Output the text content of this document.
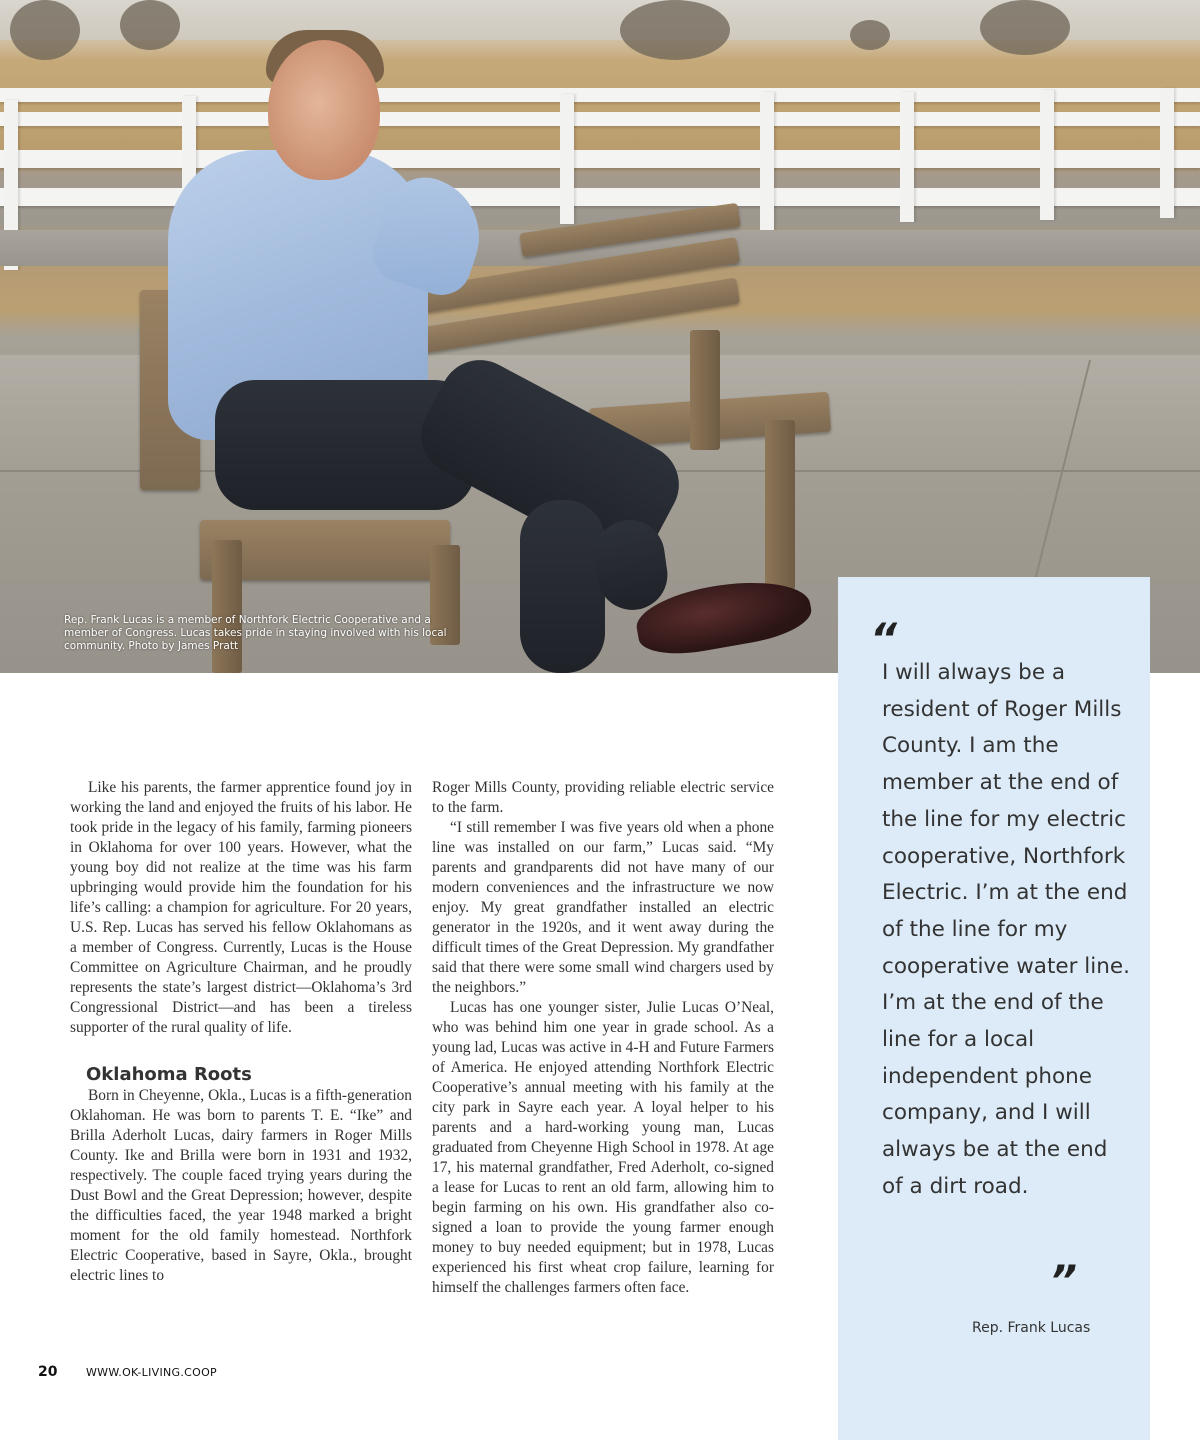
Rep. Frank Lucas is a member of Northfork Electric Cooperative and a member of Congress. Lucas takes pride in staying involved with his local community. Photo by James Pratt	“

I will always be a resident of Roger Mills County. I am the member at the end of the line for my electric cooperative, Northfork Electric. I’m at the end of the line for my cooperative water line. I’m at the end of the line for a local independent phone company, and I will always be at the end of a dirt road.

”
Rep. Frank Lucas

Like his parents, the farmer apprentice found joy in working the land and enjoyed the fruits of his labor. He took pride in the legacy of his family, farming pioneers in Oklahoma for over 100 years. However, what the young boy did not realize at the time was his farm upbringing would provide him the foundation for his life’s calling: a champion for agriculture. For 20 years, U.S. Rep. Lucas has served his fellow Oklahomans as a member of Congress. Currently, Lucas is the House Committee on Agriculture Chairman, and he proudly represents the state’s largest district—Oklahoma’s 3rd Congressional District—and has been a tireless supporter of the rural quality of life.

Oklahoma Roots

Born in Cheyenne, Okla., Lucas is a fifth-generation Oklahoman. He was born to parents T. E. “Ike” and Brilla Aderholt Lucas, dairy farmers in Roger Mills County. Ike and Brilla were born in 1931 and 1932, respectively. The couple faced trying years during the Dust Bowl and the Great Depression; however, despite the difficulties faced, the year 1948 marked a bright moment for the old family homestead. Northfork Electric Cooperative, based in Sayre, Okla., brought electric lines to

Roger Mills County, providing reliable electric service to the farm.

“I still remember I was five years old when a phone line was installed on our farm,” Lucas said. “My parents and grandparents did not have many of our modern conveniences and the infrastructure we now enjoy. My great grandfather installed an electric generator in the 1920s, and it went away during the difficult times of the Great Depression. My grandfather said that there were some small wind chargers used by the neighbors.”

Lucas has one younger sister, Julie Lucas O’Neal, who was behind him one year in grade school. As a young lad, Lucas was active in 4-H and Future Farmers of America. He enjoyed attending Northfork Electric Cooperative’s annual meeting with his family at the city park in Sayre each year. A loyal helper to his parents and a hard-working young man, Lucas graduated from Cheyenne High School in 1978. At age 17, his maternal grandfather, Fred Aderholt, co-signed a lease for Lucas to rent an old farm, allowing him to begin farming on his own. His grandfather also co-signed a loan to provide the young farmer enough money to buy needed equipment; but in 1978, Lucas experienced his first wheat crop failure, learning for himself the challenges farmers often face.

20	WWW.OK-LIVING.COOP
